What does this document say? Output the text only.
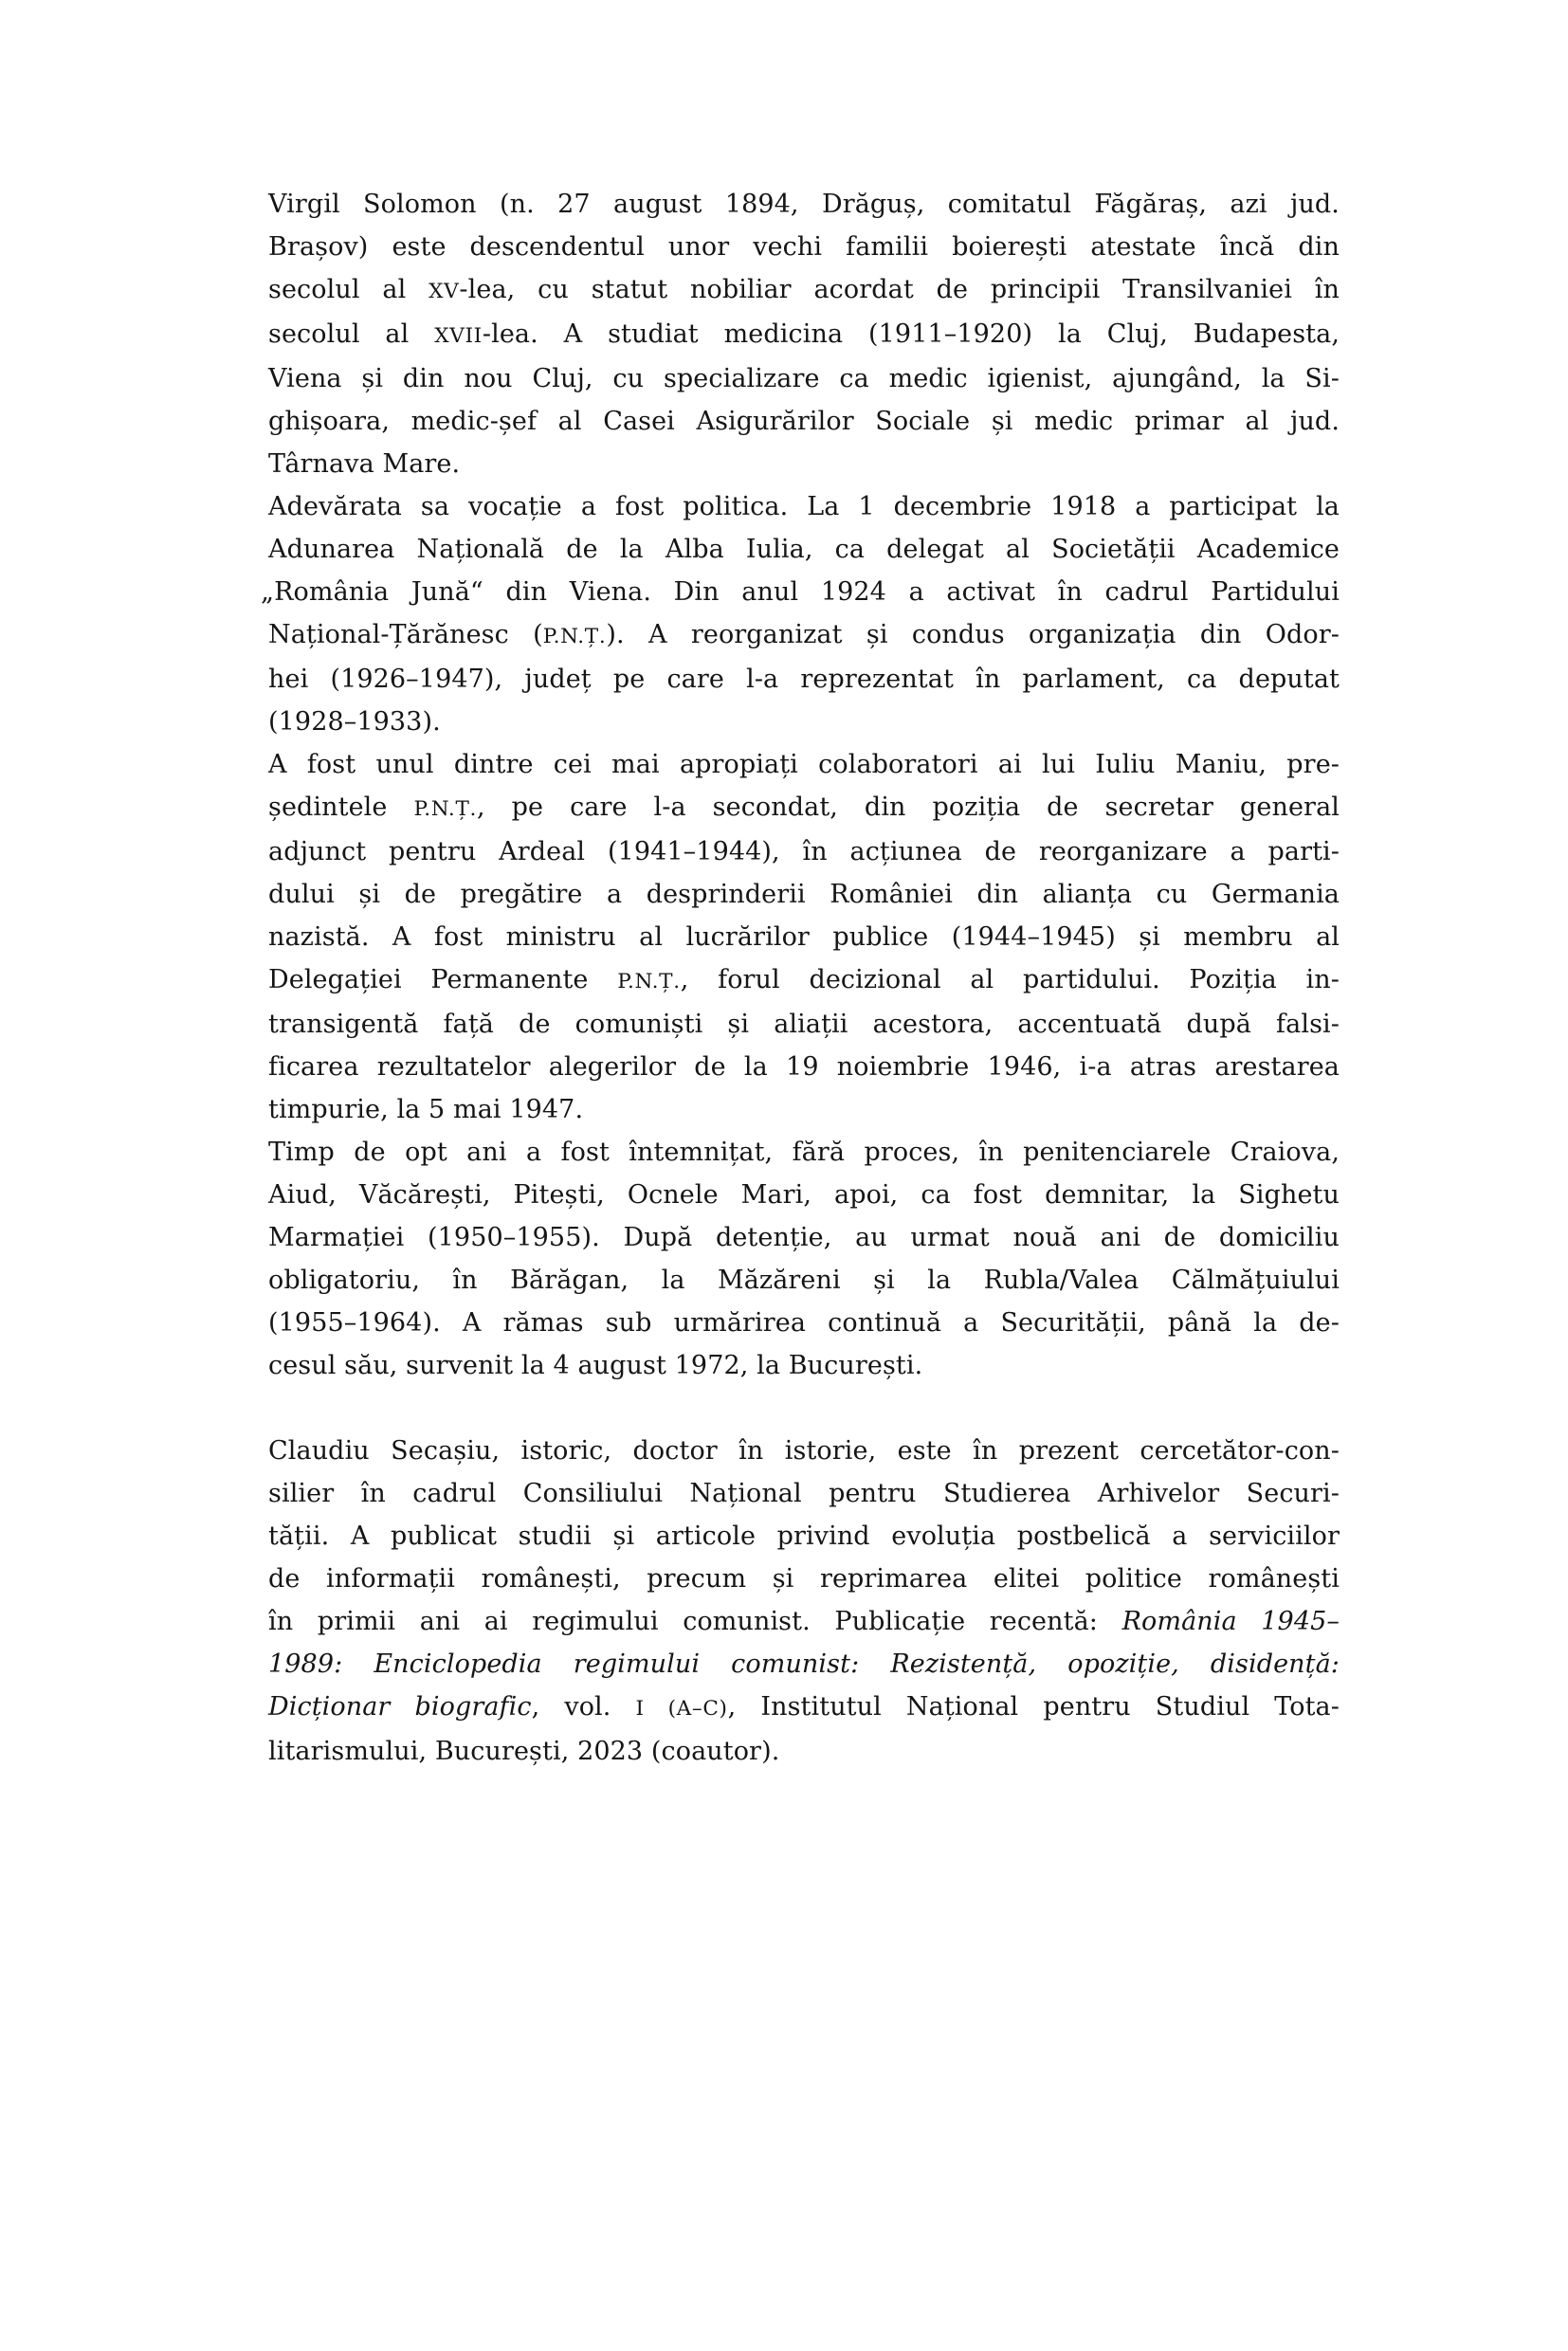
Virgil Solomon (n. 27 august 1894, Drăguș, comitatul Făgăraș, azi jud.
Brașov) este descendentul unor vechi familii boierești atestate încă din
secolul al XV-lea, cu statut nobiliar acordat de principii Transilvaniei în
secolul al XVII-lea. A studiat medicina (1911–1920) la Cluj, Budapesta,
Viena și din nou Cluj, cu specializare ca medic igienist, ajungând, la Si-
ghișoara, medic-șef al Casei Asigurărilor Sociale și medic primar al jud.
Târnava Mare.
Adevărata sa vocație a fost politica. La 1 decembrie 1918 a participat la
Adunarea Națională de la Alba Iulia, ca delegat al Societății Academice
„România Jună“ din Viena. Din anul 1924 a activat în cadrul Partidului
Național-Țărănesc (P.N.Ț.). A reorganizat și condus organizația din Odor-
hei (1926–1947), județ pe care l-a reprezentat în parlament, ca deputat
(1928–1933).
A fost unul dintre cei mai apropiați colaboratori ai lui Iuliu Maniu, pre-
ședintele P.N.Ț., pe care l-a secondat, din poziția de secretar general
adjunct pentru Ardeal (1941–1944), în acțiunea de reorganizare a parti-
dului și de pregătire a desprinderii României din alianța cu Germania
nazistă. A fost ministru al lucrărilor publice (1944–1945) și membru al
Delegației Permanente P.N.Ț., forul decizional al partidului. Poziția in-
transigentă față de comuniști și aliații acestora, accentuată după falsi-
ficarea rezultatelor alegerilor de la 19 noiembrie 1946, i-a atras arestarea
timpurie, la 5 mai 1947.
Timp de opt ani a fost întemnițat, fără proces, în penitenciarele Craiova,
Aiud, Văcărești, Pitești, Ocnele Mari, apoi, ca fost demnitar, la Sighetu
Marmației (1950–1955). După detenție, au urmat nouă ani de domiciliu
obligatoriu, în Bărăgan, la Măzăreni și la Rubla/Valea Călmățuiului
(1955–1964). A rămas sub urmărirea continuă a Securității, până la de-
cesul său, survenit la 4 august 1972, la București.
Claudiu Secașiu, istoric, doctor în istorie, este în prezent cercetător-con-
silier în cadrul Consiliului Național pentru Studierea Arhivelor Securi-
tății. A publicat studii și articole privind evoluția postbelică a serviciilor
de informații românești, precum și reprimarea elitei politice românești
în primii ani ai regimului comunist. Publicație recentă: România 1945–
1989: Enciclopedia regimului comunist: Rezistență, opoziție, disidență:
Dicționar biografic, vol. I (A–C), Institutul Național pentru Studiul Tota-
litarismului, București, 2023 (coautor).
